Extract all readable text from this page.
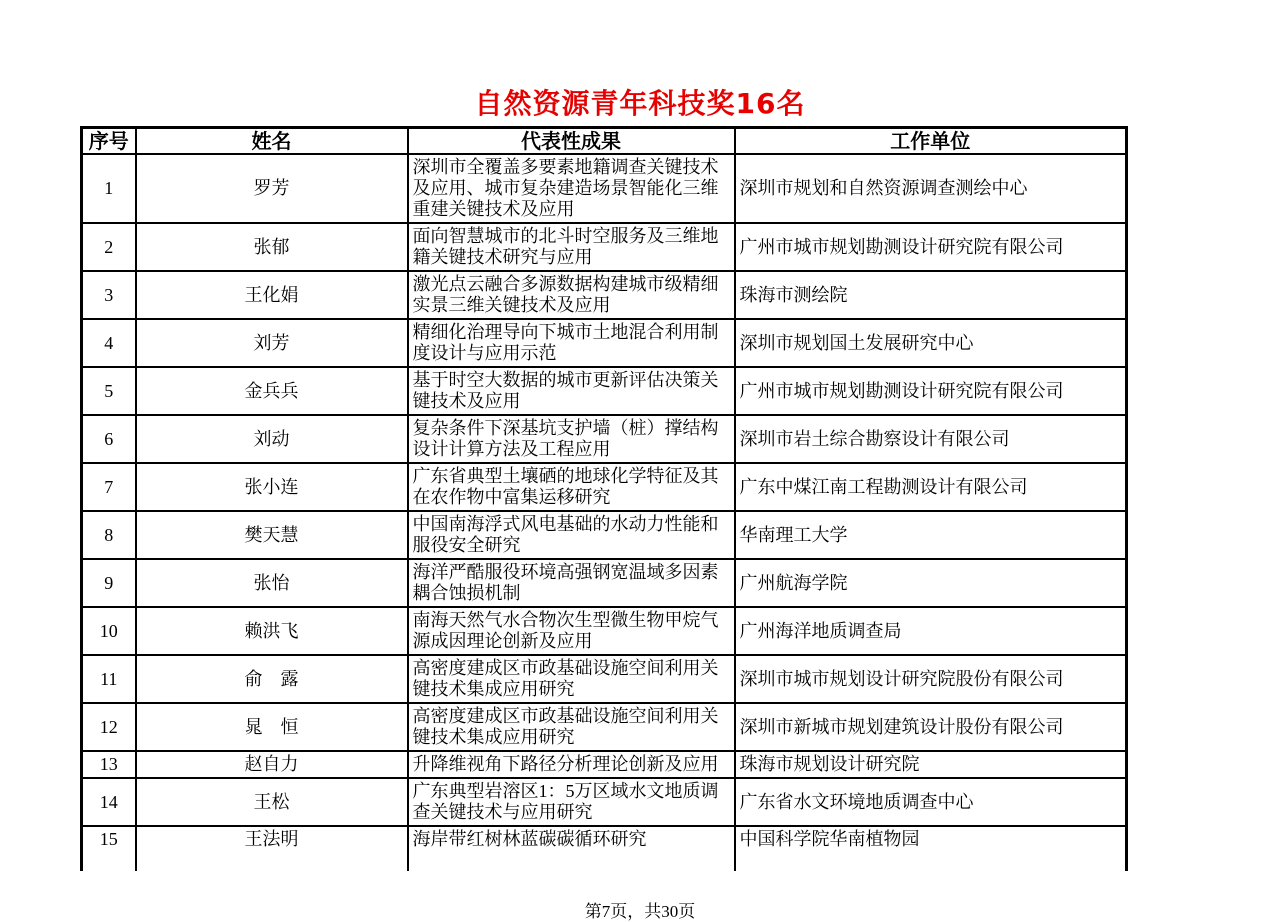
自然资源青年科技奖16名
序号	姓名	代表性成果	工作单位
1	罗芳	深圳市全覆盖多要素地籍调查关键技术及应用、城市复杂建造场景智能化三维重建关键技术及应用	深圳市规划和自然资源调查测绘中心
2	张郁	面向智慧城市的北斗时空服务及三维地籍关键技术研究与应用	广州市城市规划勘测设计研究院有限公司
3	王化娟	激光点云融合多源数据构建城市级精细实景三维关键技术及应用	珠海市测绘院
4	刘芳	精细化治理导向下城市土地混合利用制度设计与应用示范	深圳市规划国土发展研究中心
5	金兵兵	基于时空大数据的城市更新评估决策关键技术及应用	广州市城市规划勘测设计研究院有限公司
6	刘动	复杂条件下深基坑支护墙（桩）撑结构设计计算方法及工程应用	深圳市岩土综合勘察设计有限公司
7	张小连	广东省典型土壤硒的地球化学特征及其在农作物中富集运移研究	广东中煤江南工程勘测设计有限公司
8	樊天慧	中国南海浮式风电基础的水动力性能和服役安全研究	华南理工大学
9	张怡	海洋严酷服役环境高强钢宽温域多因素耦合蚀损机制	广州航海学院
10	赖洪飞	南海天然气水合物次生型微生物甲烷气源成因理论创新及应用	广州海洋地质调查局
11	俞　露	高密度建成区市政基础设施空间利用关键技术集成应用研究	深圳市城市规划设计研究院股份有限公司
12	晁　恒	高密度建成区市政基础设施空间利用关键技术集成应用研究	深圳市新城市规划建筑设计股份有限公司
13	赵自力	升降维视角下路径分析理论创新及应用	珠海市规划设计研究院
14	王松	广东典型岩溶区1：5万区域水文地质调查关键技术与应用研究	广东省水文环境地质调查中心
15	王法明	海岸带红树林蓝碳碳循环研究	中国科学院华南植物园
第7页，共30页
